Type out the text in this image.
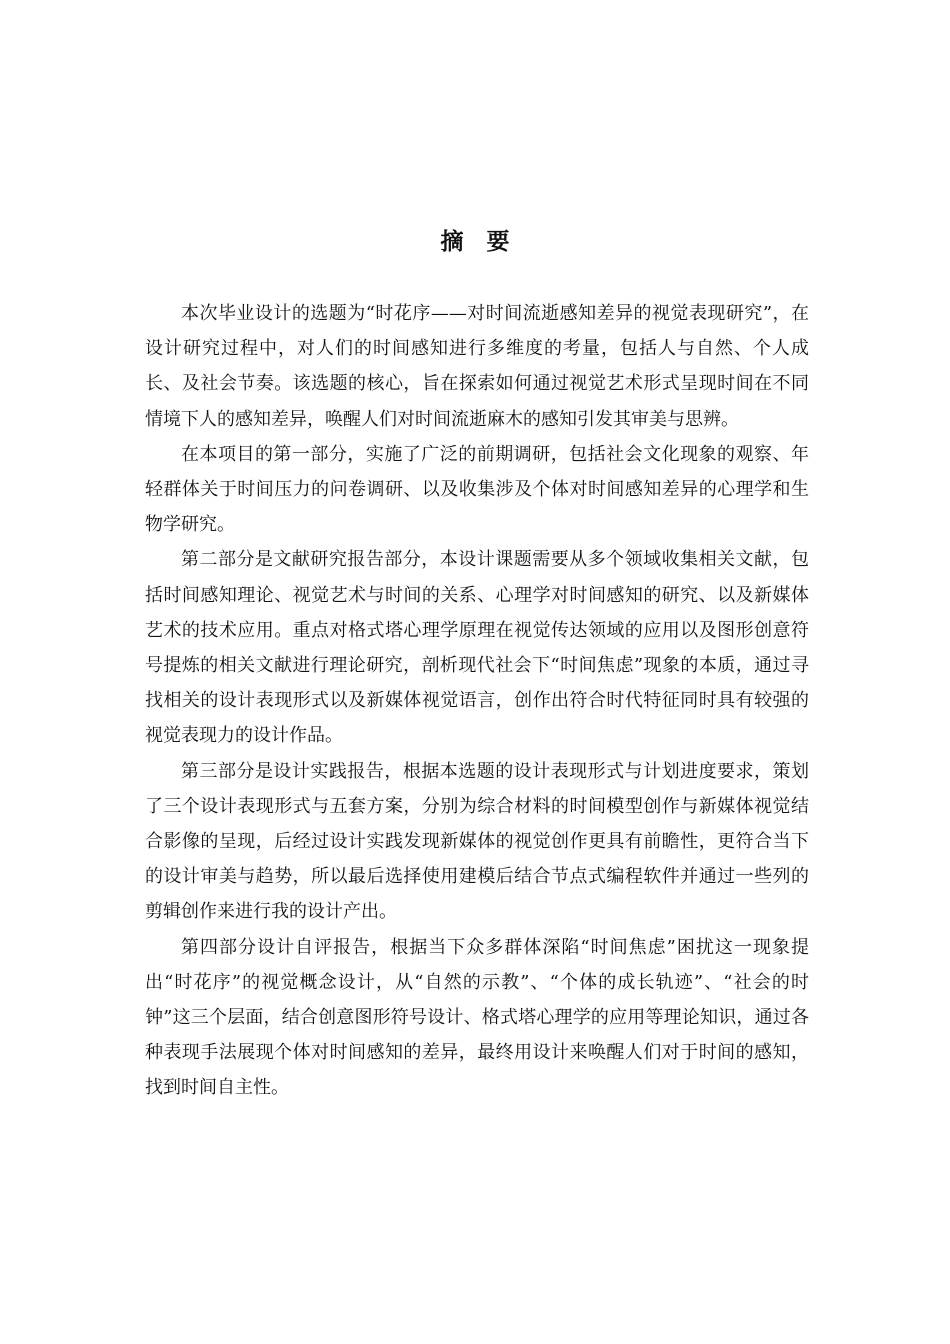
摘　要

本次毕业设计的选题为“时花序——对时间流逝感知差异的视觉表现研究”，在设计研究过程中，对人们的时间感知进行多维度的考量，包括人与自然、个人成长、及社会节奏。该选题的核心，旨在探索如何通过视觉艺术形式呈现时间在不同情境下人的感知差异，唤醒人们对时间流逝麻木的感知引发其审美与思辨。

在本项目的第一部分，实施了广泛的前期调研，包括社会文化现象的观察、年轻群体关于时间压力的问卷调研、以及收集涉及个体对时间感知差异的心理学和生物学研究。

第二部分是文献研究报告部分，本设计课题需要从多个领域收集相关文献，包括时间感知理论、视觉艺术与时间的关系、心理学对时间感知的研究、以及新媒体艺术的技术应用。重点对格式塔心理学原理在视觉传达领域的应用以及图形创意符号提炼的相关文献进行理论研究，剖析现代社会下“时间焦虑”现象的本质，通过寻找相关的设计表现形式以及新媒体视觉语言，创作出符合时代特征同时具有较强的视觉表现力的设计作品。

第三部分是设计实践报告，根据本选题的设计表现形式与计划进度要求，策划了三个设计表现形式与五套方案，分别为综合材料的时间模型创作与新媒体视觉结合影像的呈现，后经过设计实践发现新媒体的视觉创作更具有前瞻性，更符合当下的设计审美与趋势，所以最后选择使用建模后结合节点式编程软件并通过一些列的剪辑创作来进行我的设计产出。

第四部分设计自评报告，根据当下众多群体深陷“时间焦虑”困扰这一现象提出“时花序”的视觉概念设计，从“自然的示教”、“个体的成长轨迹”、“社会的时钟”这三个层面，结合创意图形符号设计、格式塔心理学的应用等理论知识，通过各种表现手法展现个体对时间感知的差异，最终用设计来唤醒人们对于时间的感知，找到时间自主性。
